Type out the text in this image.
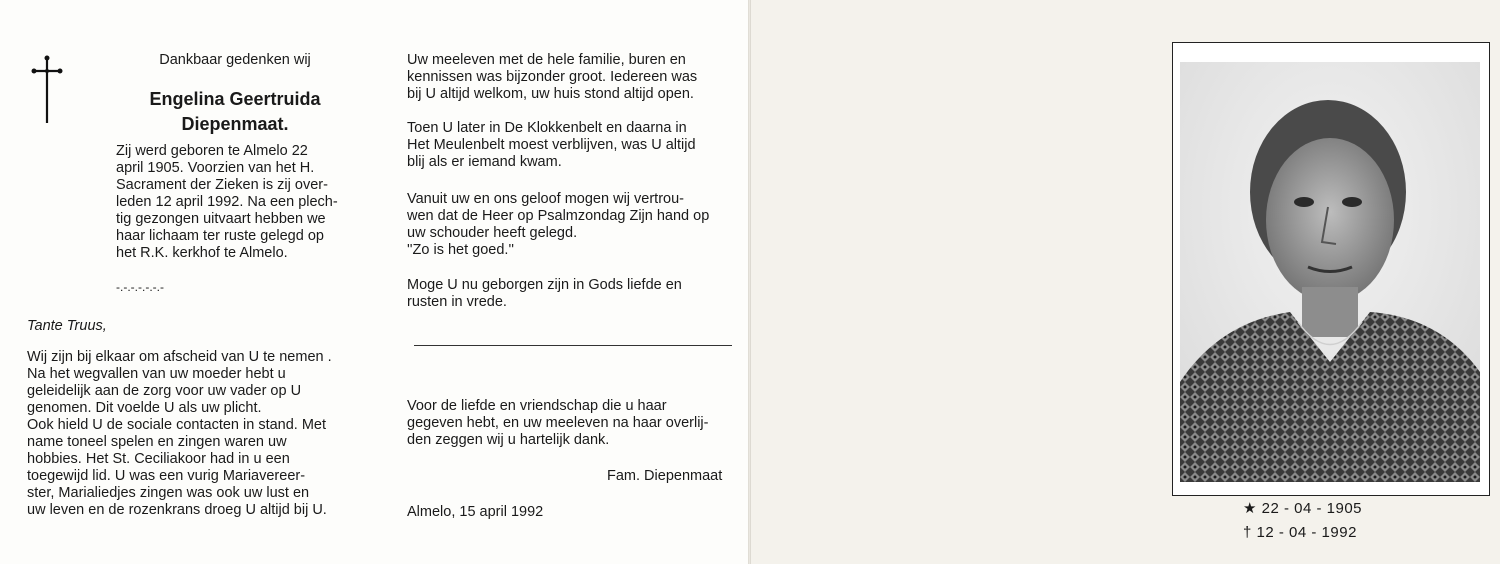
Dankbaar gedenken wij
Engelina Geertruida
Diepenmaat.
Zij werd geboren te Almelo 22
april 1905. Voorzien van het H.
Sacrament der Zieken is zij over-
leden 12 april 1992. Na een plech-
tig gezongen uitvaart hebben we
haar lichaam ter ruste gelegd op
het R.K. kerkhof te Almelo.
-.-.-.-.-.-.-
Tante Truus,
Wij zijn bij elkaar om afscheid van U te nemen .
Na het wegvallen van uw moeder hebt u
geleidelijk aan de zorg voor uw vader op U
genomen. Dit voelde U als uw plicht.
Ook hield U de sociale contacten in stand. Met
name toneel spelen en zingen waren uw
hobbies. Het St. Ceciliakoor had in u een
toegewijd lid. U was een vurig Mariavereer-
ster, Marialiedjes zingen was ook uw lust en
uw leven en de rozenkrans droeg U altijd bij U.
Uw meeleven met de hele familie, buren en
kennissen was bijzonder groot. Iedereen was
bij U altijd welkom, uw huis stond altijd open.
Toen U later in De Klokkenbelt en daarna in
Het Meulenbelt moest verblijven, was U altijd
blij als er iemand kwam.
Vanuit uw en ons geloof mogen wij vertrou-
wen dat de Heer op Psalmzondag Zijn hand op
uw schouder heeft gelegd.
''Zo is het goed.''
Moge U nu geborgen zijn in Gods liefde en
rusten in vrede.
Voor de liefde en vriendschap die u haar
gegeven hebt, en uw meeleven na haar overlij-
den zeggen wij u hartelijk dank.
Fam. Diepenmaat
Almelo, 15 april 1992	★ 22 - 04 - 1905
† 12 - 04 - 1992
